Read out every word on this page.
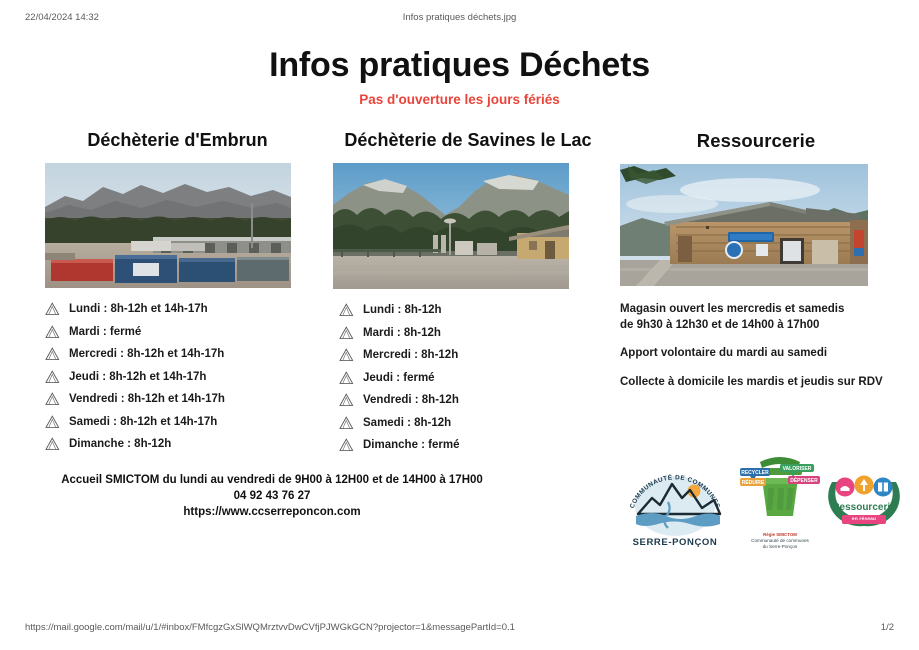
22/04/2024 14:32	Infos pratiques déchets.jpg
https://mail.google.com/mail/u/1/#inbox/FMfcgzGxSlWQMrztvvDwCVfjPJWGkGCN?projector=1&messagePartId=0.1	1/2
Infos pratiques Déchets
Pas d'ouverture les jours fériés
Déchèterie d'Embrun
Lundi : 8h-12h et 14h-17h
Mardi : fermé
Mercredi : 8h-12h et 14h-17h
Jeudi : 8h-12h et 14h-17h
Vendredi : 8h-12h et 14h-17h
Samedi : 8h-12h et 14h-17h
Dimanche : 8h-12h
Déchèterie de Savines le Lac
Lundi : 8h-12h
Mardi : 8h-12h
Mercredi : 8h-12h
Jeudi : fermé
Vendredi : 8h-12h
Samedi : 8h-12h
Dimanche : fermé
Ressourcerie

Magasin ouvert les mercredis et samedis
de 9h30 à 12h30 et de 14h00 à 17h00

Apport volontaire du mardi au samedi

Collecte à domicile les mardis et jeudis sur RDV

Accueil SMICTOM du lundi au vendredi de 9H00 à 12H00 et de 14H00 à 17H00
04 92 43 76 27
https://www.ccserreponcon.com
COMMUNAUTÉ DE COMMUNES
SERRE-PONÇON
RECYCLER
RÉDUIRE
VALORISER
DÉPENSER
Régie SMICTOM
Communauté de communes
du Serre-Ponçon
Ressourcerie
en réseau
